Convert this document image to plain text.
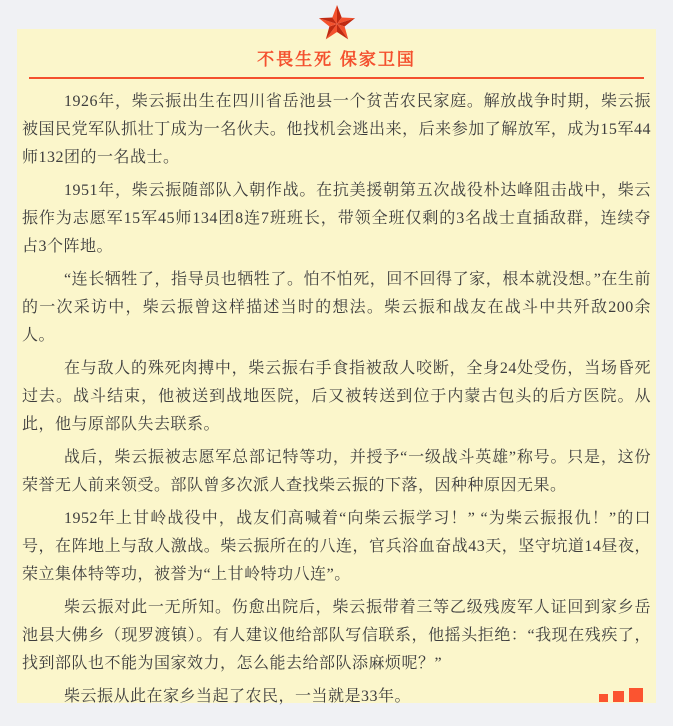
不畏生死 保家卫国

1926年，柴云振出生在四川省岳池县一个贫苦农民家庭。解放战争时期，柴云振被国民党军队抓壮丁成为一名伙夫。他找机会逃出来，后来参加了解放军，成为15军44师132团的一名战士。

1951年，柴云振随部队入朝作战。在抗美援朝第五次战役朴达峰阻击战中，柴云振作为志愿军15军45师134团8连7班班长，带领全班仅剩的3名战士直插敌群，连续夺占3个阵地。

“连长牺牲了，指导员也牺牲了。怕不怕死，回不回得了家，根本就没想。”在生前的一次采访中，柴云振曾这样描述当时的想法。柴云振和战友在战斗中共歼敌200余人。

在与敌人的殊死肉搏中，柴云振右手食指被敌人咬断，全身24处受伤，当场昏死过去。战斗结束，他被送到战地医院，后又被转送到位于内蒙古包头的后方医院。从此，他与原部队失去联系。

战后，柴云振被志愿军总部记特等功，并授予“一级战斗英雄”称号。只是，这份荣誉无人前来领受。部队曾多次派人查找柴云振的下落，因种种原因无果。

1952年上甘岭战役中，战友们高喊着“向柴云振学习！” “为柴云振报仇！”的口号，在阵地上与敌人激战。柴云振所在的八连，官兵浴血奋战43天，坚守坑道14昼夜，荣立集体特等功，被誉为“上甘岭特功八连”。

柴云振对此一无所知。伤愈出院后，柴云振带着三等乙级残废军人证回到家乡岳池县大佛乡（现罗渡镇）。有人建议他给部队写信联系，他摇头拒绝：“我现在残疾了，找到部队也不能为国家效力，怎么能去给部队添麻烦呢？”

柴云振从此在家乡当起了农民，一当就是33年。
